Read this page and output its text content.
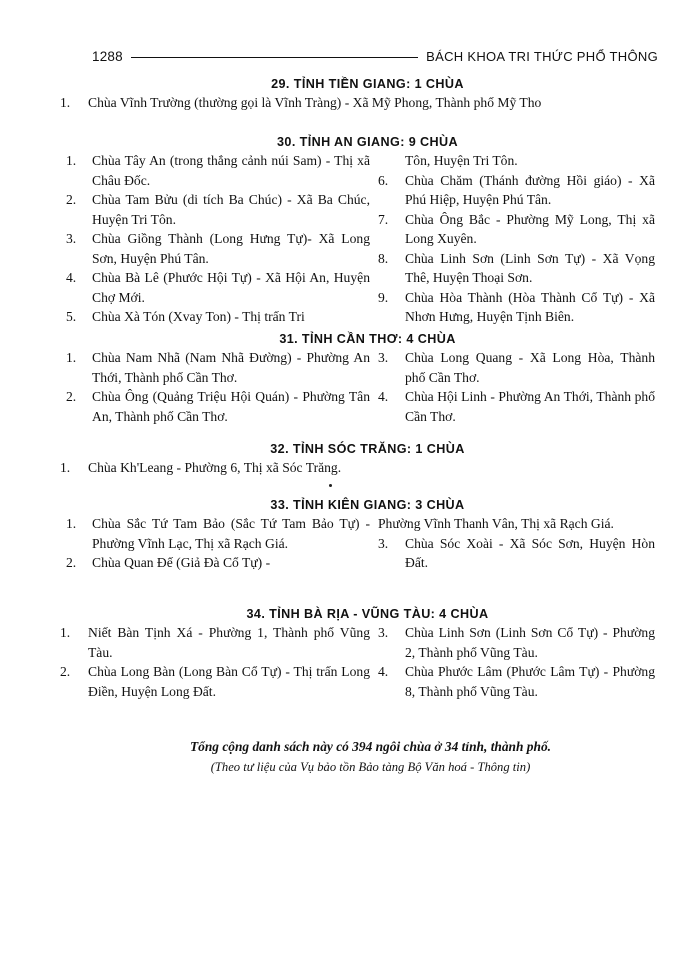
1288	BÁCH KHOA TRI THỨC PHỔ THÔNG
29. TỈNH TIỀN GIANG: 1 CHÙA
1.	Chùa Vĩnh Trường (thường gọi là Vĩnh Tràng) - Xã Mỹ Phong, Thành phố Mỹ Tho
30. TỈNH AN GIANG: 9 CHÙA
1.	Chùa Tây An (trong thắng cảnh núi Sam) - Thị xã Châu Đốc.
2.	Chùa Tam Bửu (di tích Ba Chúc) - Xã Ba Chúc, Huyện Tri Tôn.
3.	Chùa Giồng Thành (Long Hưng Tự)- Xã Long Sơn, Huyện Phú Tân.
4.	Chùa Bà Lê (Phước Hội Tự) - Xã Hội An, Huyện Chợ Mới.
5.	Chùa Xà Tón (Xvay Ton) - Thị trấn Tri
Tôn, Huyện Tri Tôn.
6.	Chùa Chăm (Thánh đường Hồi giáo) - Xã Phú Hiệp, Huyện Phú Tân.
7.	Chùa Ông Bắc - Phường Mỹ Long, Thị xã Long Xuyên.
8.	Chùa Linh Sơn (Linh Sơn Tự) - Xã Vọng Thê, Huyện Thoại Sơn.
9.	Chùa Hòa Thành (Hòa Thành Cổ Tự) - Xã Nhơn Hưng, Huyện Tịnh Biên.
31. TỈNH CẦN THƠ: 4 CHÙA
1.	Chùa Nam Nhã (Nam Nhã Đường) - Phường An Thới, Thành phố Cần Thơ.
2.	Chùa Ông (Quảng Triệu Hội Quán) - Phường Tân An, Thành phố Cần Thơ.
3.	Chùa Long Quang - Xã Long Hòa, Thành phố Cần Thơ.
4.	Chùa Hội Linh - Phường An Thới, Thành phố Cần Thơ.
32. TỈNH SÓC TRĂNG: 1 CHÙA
1.	Chùa Kh'Leang - Phường 6, Thị xã Sóc Trăng.
33. TỈNH KIÊN GIANG: 3 CHÙA
1.	Chùa Sắc Tứ Tam Bảo (Sắc Tứ Tam Bảo Tự) - Phường Vĩnh Lạc, Thị xã Rạch Giá.
2.	Chùa Quan Đế (Giả Đà Cổ Tự) -
Phường Vĩnh Thanh Vân, Thị xã Rạch Giá.
3.	Chùa Sóc Xoài - Xã Sóc Sơn, Huyện Hòn Đất.
34. TỈNH BÀ RỊA - VŨNG TÀU: 4 CHÙA
1.	Niết Bàn Tịnh Xá - Phường 1, Thành phố Vũng Tàu.
2.	Chùa Long Bàn (Long Bàn Cổ Tự) - Thị trấn Long Điền, Huyện Long Đất.
3.	Chùa Linh Sơn (Linh Sơn Cổ Tự) - Phường 2, Thành phố Vũng Tàu.
4.	Chùa Phước Lâm (Phước Lâm Tự) - Phường 8, Thành phố Vũng Tàu.
Tổng cộng danh sách này có 394 ngôi chùa ở 34 tỉnh, thành phố.
(Theo tư liệu của Vụ bảo tồn Bảo tàng Bộ Văn hoá - Thông tin)
